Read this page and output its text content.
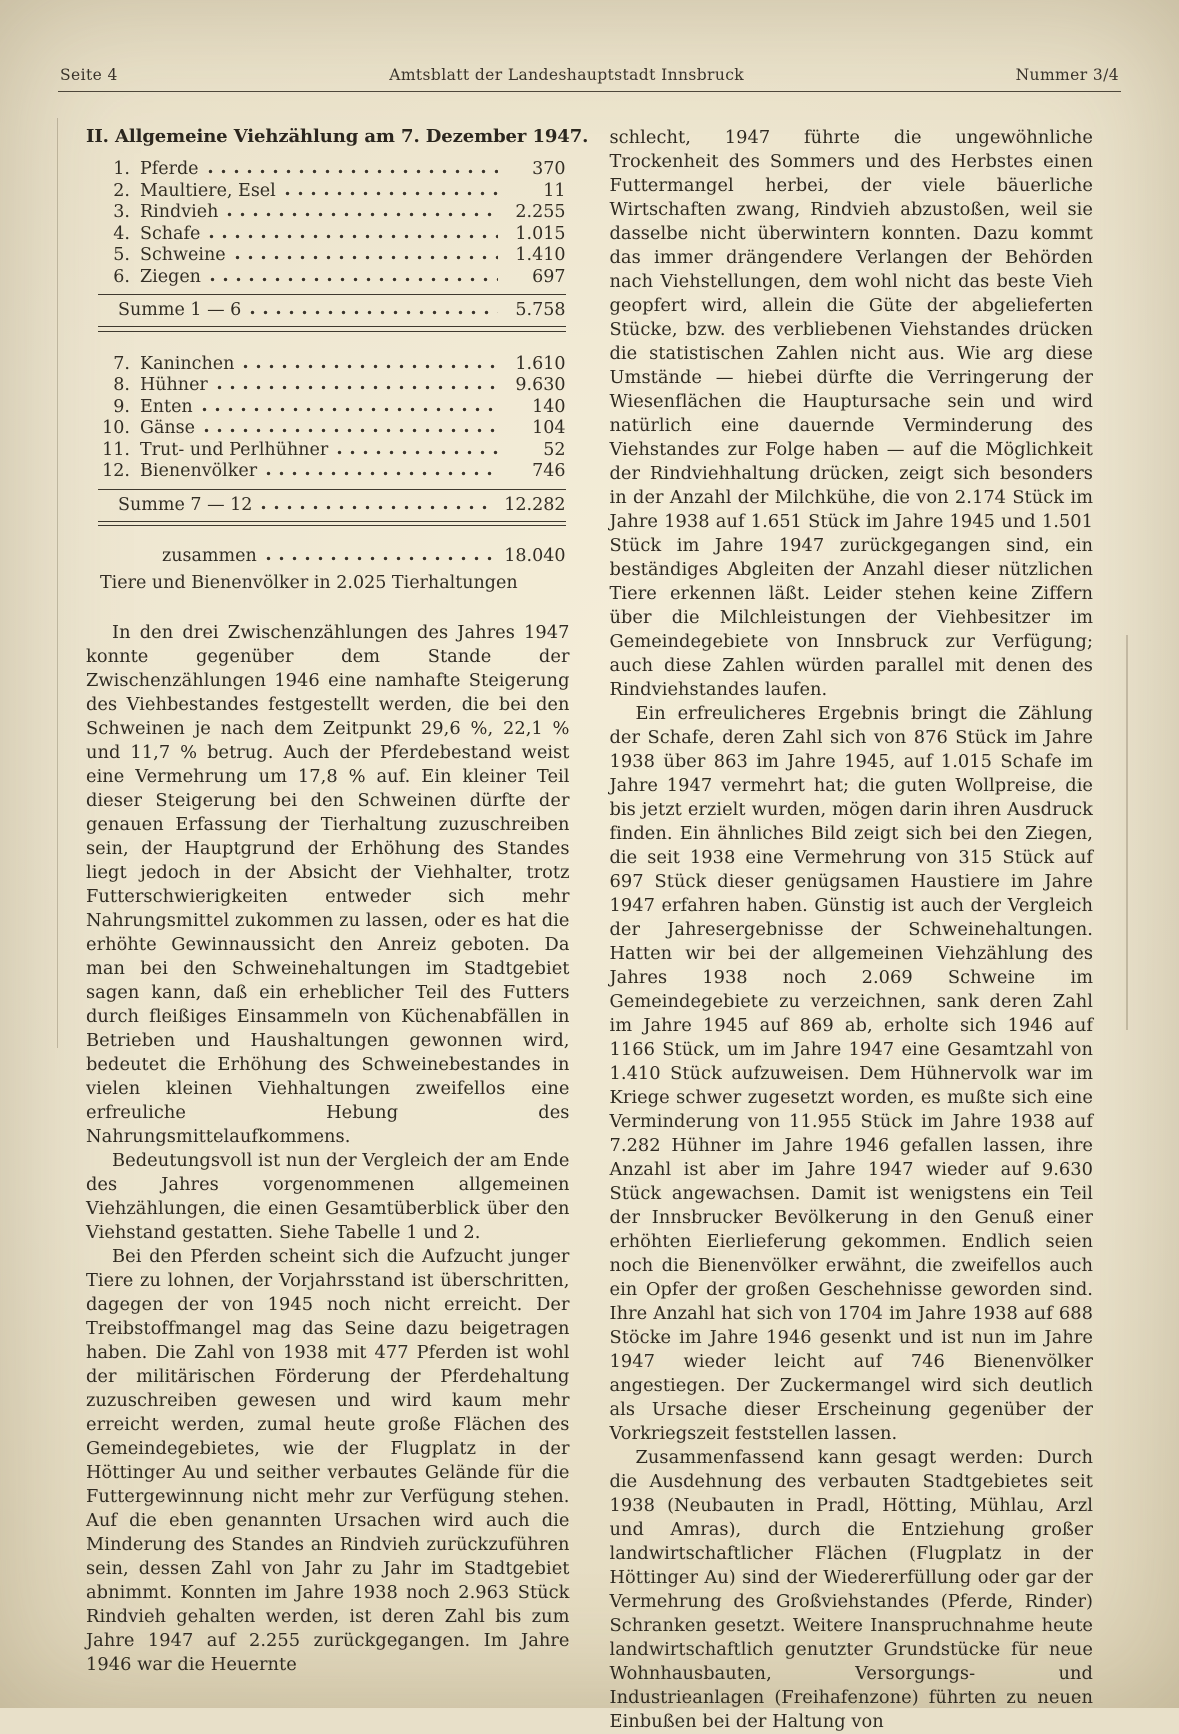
Seite 4	Amtsblatt der Landeshauptstadt Innsbruck	Nummer 3/4
II. Allgemeine Viehzählung am 7. Dezember 1947.
1. Pferde	370
2. Maultiere, Esel	11
3. Rindvieh	2.255
4. Schafe	1.015
5. Schweine	1.410
6. Ziegen	697
Summe 1 — 6	5.758
7. Kaninchen	1.610
8. Hühner	9.630
9. Enten	140
10. Gänse	104
11. Trut- und Perlhühner	52
12. Bienenvölker	746
Summe 7 — 12	12.282
zusammen	18.040
Tiere und Bienenvölker in 2.025 Tierhaltungen

In den drei Zwischenzählungen des Jahres 1947 konnte gegenüber dem Stande der Zwischenzählungen 1946 eine namhafte Steigerung des Viehbestandes festgestellt werden, die bei den Schweinen je nach dem Zeitpunkt 29,6 %, 22,1 % und 11,7 % betrug. Auch der Pferdebestand weist eine Vermehrung um 17,8 % auf. Ein kleiner Teil dieser Steigerung bei den Schweinen dürfte der genauen Erfassung der Tierhaltung zuzuschreiben sein, der Hauptgrund der Erhöhung des Standes liegt jedoch in der Absicht der Viehhalter, trotz Futterschwierigkeiten entweder sich mehr Nahrungsmittel zukommen zu lassen, oder es hat die erhöhte Gewinnaussicht den Anreiz geboten. Da man bei den Schweinehaltungen im Stadtgebiet sagen kann, daß ein erheblicher Teil des Futters durch fleißiges Einsammeln von Küchenabfällen in Betrieben und Haushaltungen gewonnen wird, bedeutet die Erhöhung des Schweinebestandes in vielen kleinen Viehhaltungen zweifellos eine erfreuliche Hebung des Nahrungsmittelaufkommens.

Bedeutungsvoll ist nun der Vergleich der am Ende des Jahres vorgenommenen allgemeinen Viehzählungen, die einen Gesamtüberblick über den Viehstand gestatten. Siehe Tabelle 1 und 2.

Bei den Pferden scheint sich die Aufzucht junger Tiere zu lohnen, der Vorjahrsstand ist überschritten, dagegen der von 1945 noch nicht erreicht. Der Treibstoffmangel mag das Seine dazu beigetragen haben. Die Zahl von 1938 mit 477 Pferden ist wohl der militärischen Förderung der Pferdehaltung zuzuschreiben gewesen und wird kaum mehr erreicht werden, zumal heute große Flächen des Gemeindegebietes, wie der Flugplatz in der Höttinger Au und seither verbautes Gelände für die Futtergewinnung nicht mehr zur Verfügung stehen. Auf die eben genannten Ursachen wird auch die Minderung des Standes an Rindvieh zurückzuführen sein, dessen Zahl von Jahr zu Jahr im Stadtgebiet abnimmt. Konnten im Jahre 1938 noch 2.963 Stück Rindvieh gehalten werden, ist deren Zahl bis zum Jahre 1947 auf 2.255 zurückgegangen. Im Jahre 1946 war die Heuernte

schlecht, 1947 führte die ungewöhnliche Trockenheit des Sommers und des Herbstes einen Futtermangel herbei, der viele bäuerliche Wirtschaften zwang, Rindvieh abzustoßen, weil sie dasselbe nicht überwintern konnten. Dazu kommt das immer drängendere Verlangen der Behörden nach Viehstellungen, dem wohl nicht das beste Vieh geopfert wird, allein die Güte der abgelieferten Stücke, bzw. des verbliebenen Viehstandes drücken die statistischen Zahlen nicht aus. Wie arg diese Umstände — hiebei dürfte die Verringerung der Wiesenflächen die Hauptursache sein und wird natürlich eine dauernde Verminderung des Viehstandes zur Folge haben — auf die Möglichkeit der Rindviehhaltung drücken, zeigt sich besonders in der Anzahl der Milchkühe, die von 2.174 Stück im Jahre 1938 auf 1.651 Stück im Jahre 1945 und 1.501 Stück im Jahre 1947 zurückgegangen sind, ein beständiges Abgleiten der Anzahl dieser nützlichen Tiere erkennen läßt. Leider stehen keine Ziffern über die Milchleistungen der Viehbesitzer im Gemeindegebiete von Innsbruck zur Verfügung; auch diese Zahlen würden parallel mit denen des Rindviehstandes laufen.

Ein erfreulicheres Ergebnis bringt die Zählung der Schafe, deren Zahl sich von 876 Stück im Jahre 1938 über 863 im Jahre 1945, auf 1.015 Schafe im Jahre 1947 vermehrt hat; die guten Wollpreise, die bis jetzt erzielt wurden, mögen darin ihren Ausdruck finden. Ein ähnliches Bild zeigt sich bei den Ziegen, die seit 1938 eine Vermehrung von 315 Stück auf 697 Stück dieser genügsamen Haustiere im Jahre 1947 erfahren haben. Günstig ist auch der Vergleich der Jahresergebnisse der Schweinehaltungen. Hatten wir bei der allgemeinen Viehzählung des Jahres 1938 noch 2.069 Schweine im Gemeindegebiete zu verzeichnen, sank deren Zahl im Jahre 1945 auf 869 ab, erholte sich 1946 auf 1166 Stück, um im Jahre 1947 eine Gesamtzahl von 1.410 Stück aufzuweisen. Dem Hühnervolk war im Kriege schwer zugesetzt worden, es mußte sich eine Verminderung von 11.955 Stück im Jahre 1938 auf 7.282 Hühner im Jahre 1946 gefallen lassen, ihre Anzahl ist aber im Jahre 1947 wieder auf 9.630 Stück angewachsen. Damit ist wenigstens ein Teil der Innsbrucker Bevölkerung in den Genuß einer erhöhten Eierlieferung gekommen. Endlich seien noch die Bienenvölker erwähnt, die zweifellos auch ein Opfer der großen Geschehnisse geworden sind. Ihre Anzahl hat sich von 1704 im Jahre 1938 auf 688 Stöcke im Jahre 1946 gesenkt und ist nun im Jahre 1947 wieder leicht auf 746 Bienenvölker angestiegen. Der Zuckermangel wird sich deutlich als Ursache dieser Erscheinung gegenüber der Vorkriegszeit feststellen lassen.

Zusammenfassend kann gesagt werden: Durch die Ausdehnung des verbauten Stadtgebietes seit 1938 (Neubauten in Pradl, Hötting, Mühlau, Arzl und Amras), durch die Entziehung großer landwirtschaftlicher Flächen (Flugplatz in der Höttinger Au) sind der Wiedererfüllung oder gar der Vermehrung des Großviehstandes (Pferde, Rinder) Schranken gesetzt. Weitere Inanspruchnahme heute landwirtschaftlich genutzter Grundstücke für neue Wohnhausbauten, Versorgungs- und Industrieanlagen (Freihafenzone) führten zu neuen Einbußen bei der Haltung von
